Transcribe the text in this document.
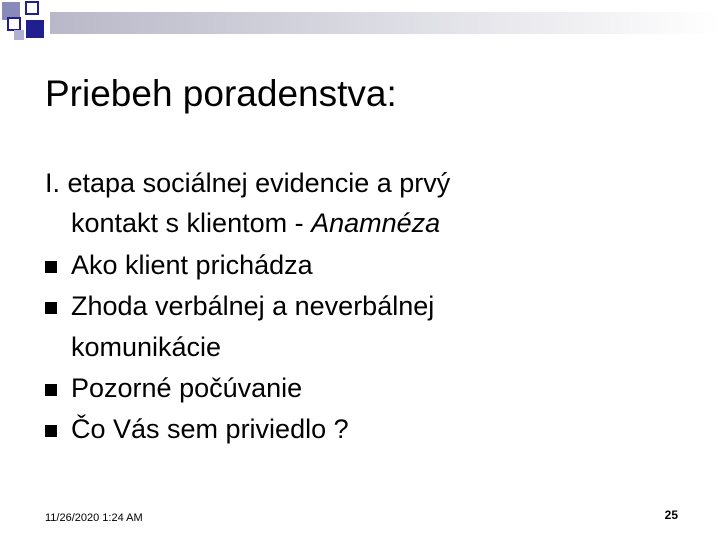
Priebeh poradenstva:
I. etapa sociálnej evidencie a prvý
kontakt s klientom - Anamnéza
Ako klient prichádza
Zhoda verbálnej a neverbálnej
komunikácie
Pozorné počúvanie
Čo Vás sem priviedlo ?
11/26/2020 1:24 AM	25
